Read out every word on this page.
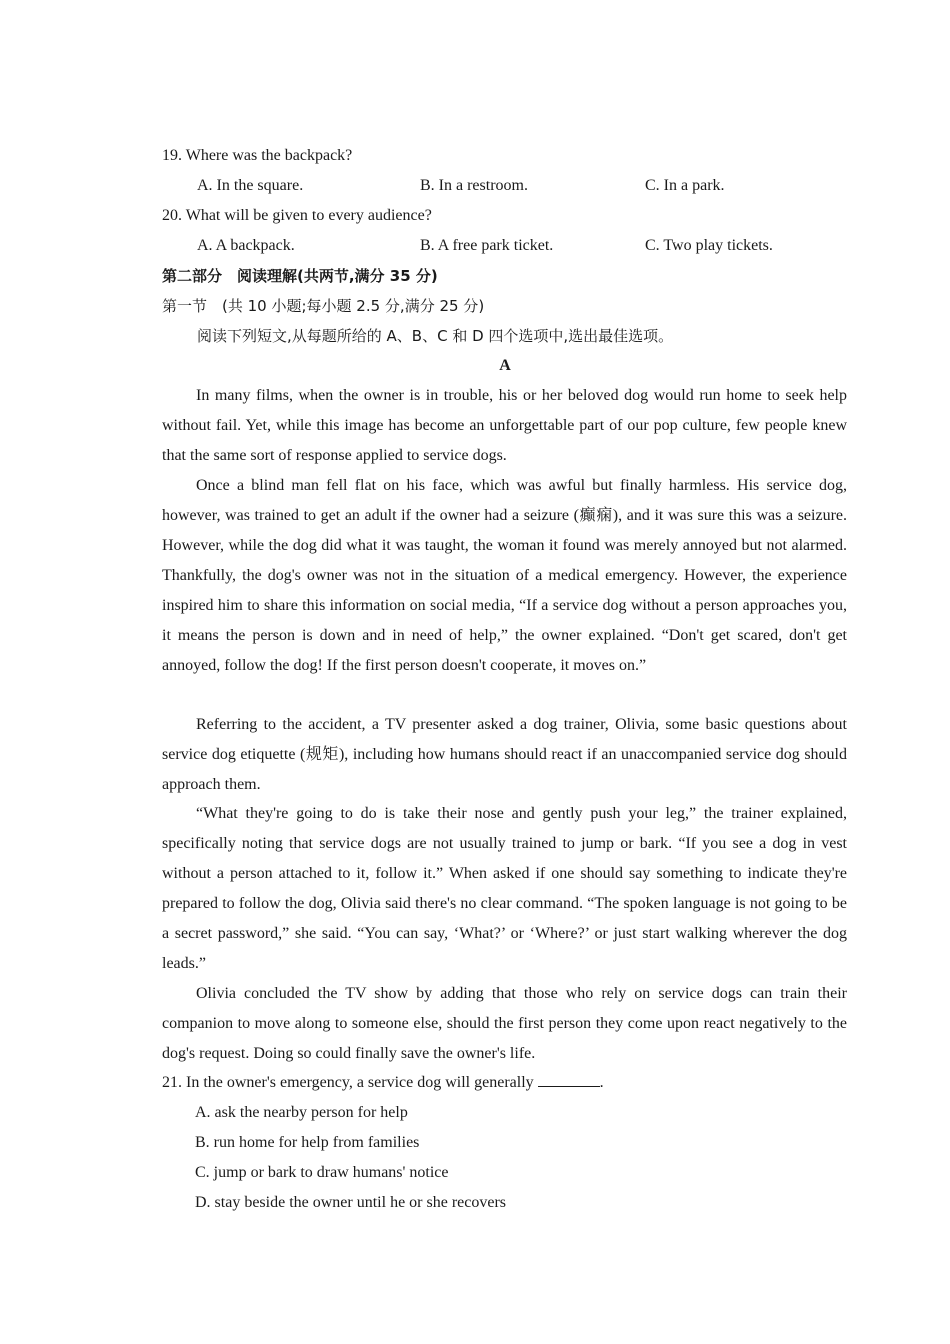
19. Where was the backpack?
A. In the square.	B. In a restroom.	C. In a park.
20. What will be given to every audience?
A. A backpack.	B. A free park ticket.	C. Two play tickets.
第二部分　阅读理解(共两节,满分 35 分)
第一节　(共 10 小题;每小题 2.5 分,满分 25 分)
阅读下列短文,从每题所给的 A、B、C 和 D 四个选项中,选出最佳选项。
A
In many films, when the owner is in trouble, his or her beloved dog would run home to seek help without fail. Yet, while this image has become an unforgettable part of our pop culture, few people knew that the same sort of response applied to service dogs.
Once a blind man fell flat on his face, which was awful but finally harmless. His service dog, however, was trained to get an adult if the owner had a seizure (癫痫), and it was sure this was a seizure. However, while the dog did what it was taught, the woman it found was merely annoyed but not alarmed. Thankfully, the dog's owner was not in the situation of a medical emergency. However, the experience inspired him to share this information on social media, “If a service dog without a person approaches you, it means the person is down and in need of help,” the owner explained. “Don't get scared, don't get annoyed, follow the dog! If the first person doesn't cooperate, it moves on.”
Referring to the accident, a TV presenter asked a dog trainer, Olivia, some basic questions about service dog etiquette (规矩), including how humans should react if an unaccompanied service dog should approach them.
“What they're going to do is take their nose and gently push your leg,” the trainer explained, specifically noting that service dogs are not usually trained to jump or bark. “If you see a dog in vest without a person attached to it, follow it.” When asked if one should say something to indicate they're prepared to follow the dog, Olivia said there's no clear command. “The spoken language is not going to be a secret password,” she said. “You can say, ‘What?’ or ‘Where?’ or just start walking wherever the dog leads.”
Olivia concluded the TV show by adding that those who rely on service dogs can train their companion to move along to someone else, should the first person they come upon react negatively to the dog's request. Doing so could finally save the owner's life.
21. In the owner's emergency, a service dog will generally	.
A. ask the nearby person for help
B. run home for help from families
C. jump or bark to draw humans' notice
D. stay beside the owner until he or she recovers
